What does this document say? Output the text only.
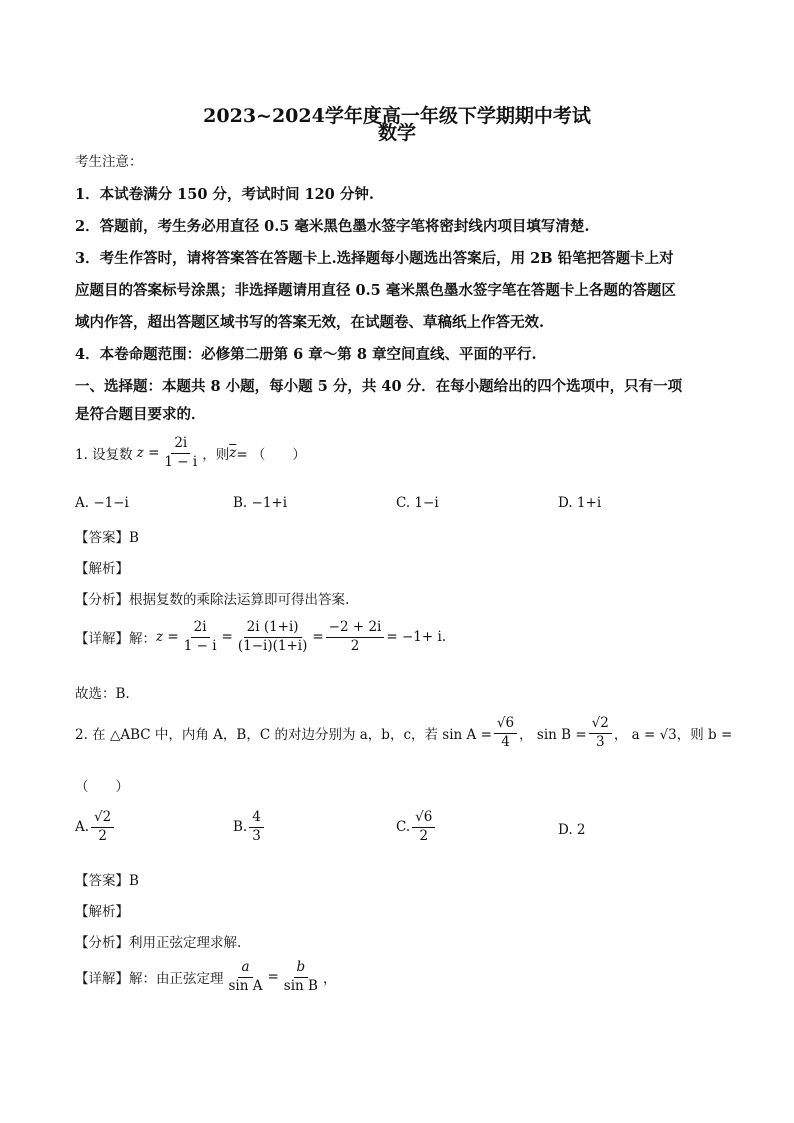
2023~2024学年度高一年级下学期期中考试
数学
考生注意：
1．本试卷满分 150 分，考试时间 120 分钟.
2．答题前，考生务必用直径 0.5 毫米黑色墨水签字笔将密封线内项目填写清楚.
3．考生作答时，请将答案答在答题卡上.选择题每小题选出答案后，用 2B 铅笔把答题卡上对
应题目的答案标号涂黑；非选择题请用直径 0.5 毫米黑色墨水签字笔在答题卡上各题的答题区
域内作答，超出答题区域书写的答案无效，在试题卷、草稿纸上作答无效.
4．本卷命题范围：必修第二册第 6 章～第 8 章空间直线、平面的平行.
一、选择题：本题共 8 小题，每小题 5 分，共 40 分．在每小题给出的四个选项中，只有一项
是符合题目要求的．
1. 设复数 $z = \frac{2i}{1 - i}$ ，则 $\overline{z}$ = （　　）
A. −1−i	B. −1+i	C. 1−i	D. 1+i
【答案】B
【解析】
【分析】根据复数的乘除法运算即可得出答案.
【详解】 解： $z = \frac{2i}{1 - i} = \frac{2i (1+i)}{(1-i)(1+i)} = \frac{-2 + 2i}{2} = -1+ i$.
故选：B.
2. 在 △ABC 中，内角 A，B，C 的对边分别为 a，b，c，若 $\sin A = \frac{√6}{4}$ ， $\sin B = \frac{√2}{3}$ ， a = √3，则 b =
（　　）
A. $\frac{√2}{2}$	B. $\frac{4}{3}$	C. $\frac{√6}{2}$	D. 2
【答案】B
【解析】
【分析】利用正弦定理求解.
【详解】 解：由正弦定理 $\frac{a}{\text{sin A}} = \frac{b}{\text{sin B}}$ ，
